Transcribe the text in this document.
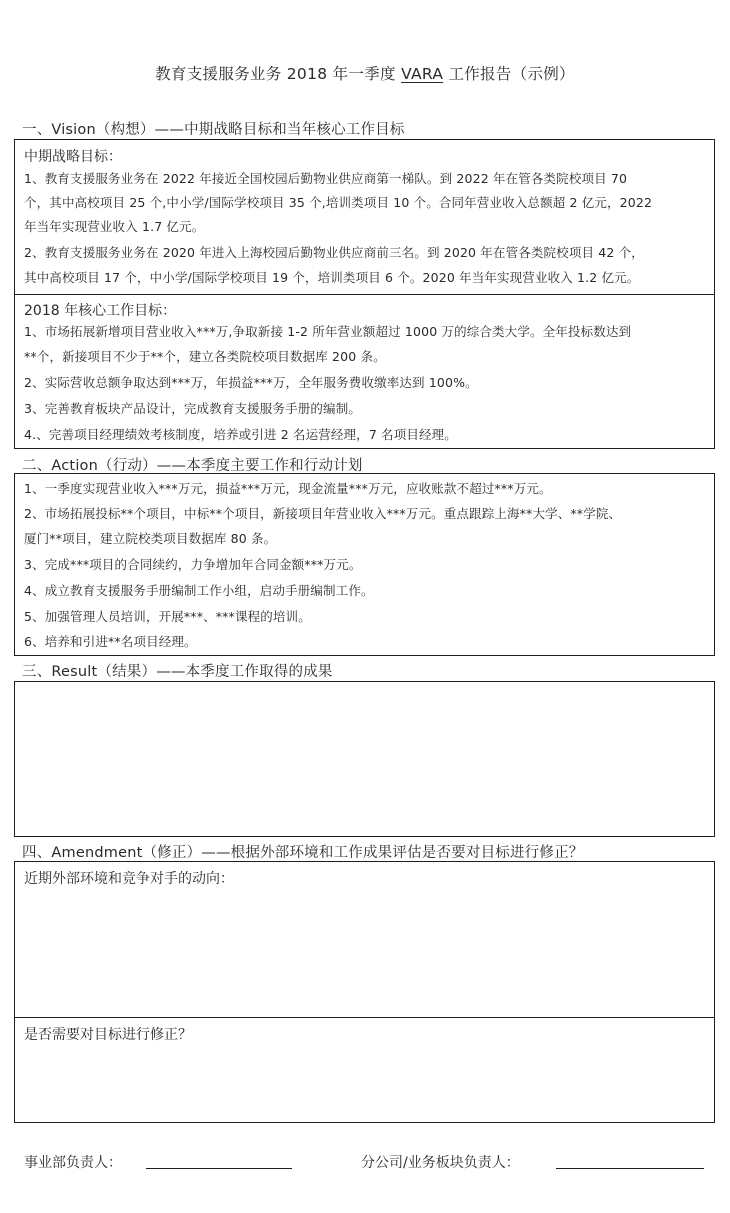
教育支援服务业务 2018 年一季度 VARA 工作报告（示例）
一、Vision（构想）——中期战略目标和当年核心工作目标
中期战略目标：
1、教育支援服务业务在 2022 年接近全国校园后勤物业供应商第一梯队。到 2022 年在管各类院校项目 70
个，其中高校项目 25 个,中小学/国际学校项目 35 个,培训类项目 10 个。合同年营业收入总额超 2 亿元，2022
年当年实现营业收入 1.7 亿元。
2、教育支援服务业务在 2020 年进入上海校园后勤物业供应商前三名。到 2020 年在管各类院校项目 42 个，
其中高校项目 17 个，中小学/国际学校项目 19 个，培训类项目 6 个。2020 年当年实现营业收入 1.2 亿元。
2018 年核心工作目标：
1、市场拓展新增项目营业收入***万,争取新接 1-2 所年营业额超过 1000 万的综合类大学。全年投标数达到
**个，新接项目不少于**个，建立各类院校项目数据库 200 条。
2、实际营收总额争取达到***万，年损益***万，全年服务费收缴率达到 100%。
3、完善教育板块产品设计，完成教育支援服务手册的编制。
4.、完善项目经理绩效考核制度，培养或引进 2 名运营经理，7 名项目经理。
二、Action（行动）——本季度主要工作和行动计划
1、一季度实现营业收入***万元，损益***万元，现金流量***万元，应收账款不超过***万元。
2、市场拓展投标**个项目，中标**个项目，新接项目年营业收入***万元。重点跟踪上海**大学、**学院、
厦门**项目，建立院校类项目数据库 80 条。
3、完成***项目的合同续约，力争增加年合同金额***万元。
4、成立教育支援服务手册编制工作小组，启动手册编制工作。
5、加强管理人员培训，开展***、***课程的培训。
6、培养和引进**名项目经理。
三、Result（结果）——本季度工作取得的成果
四、Amendment（修正）——根据外部环境和工作成果评估是否要对目标进行修正？
近期外部环境和竞争对手的动向：
是否需要对目标进行修正？
事业部负责人：	分公司/业务板块负责人：
